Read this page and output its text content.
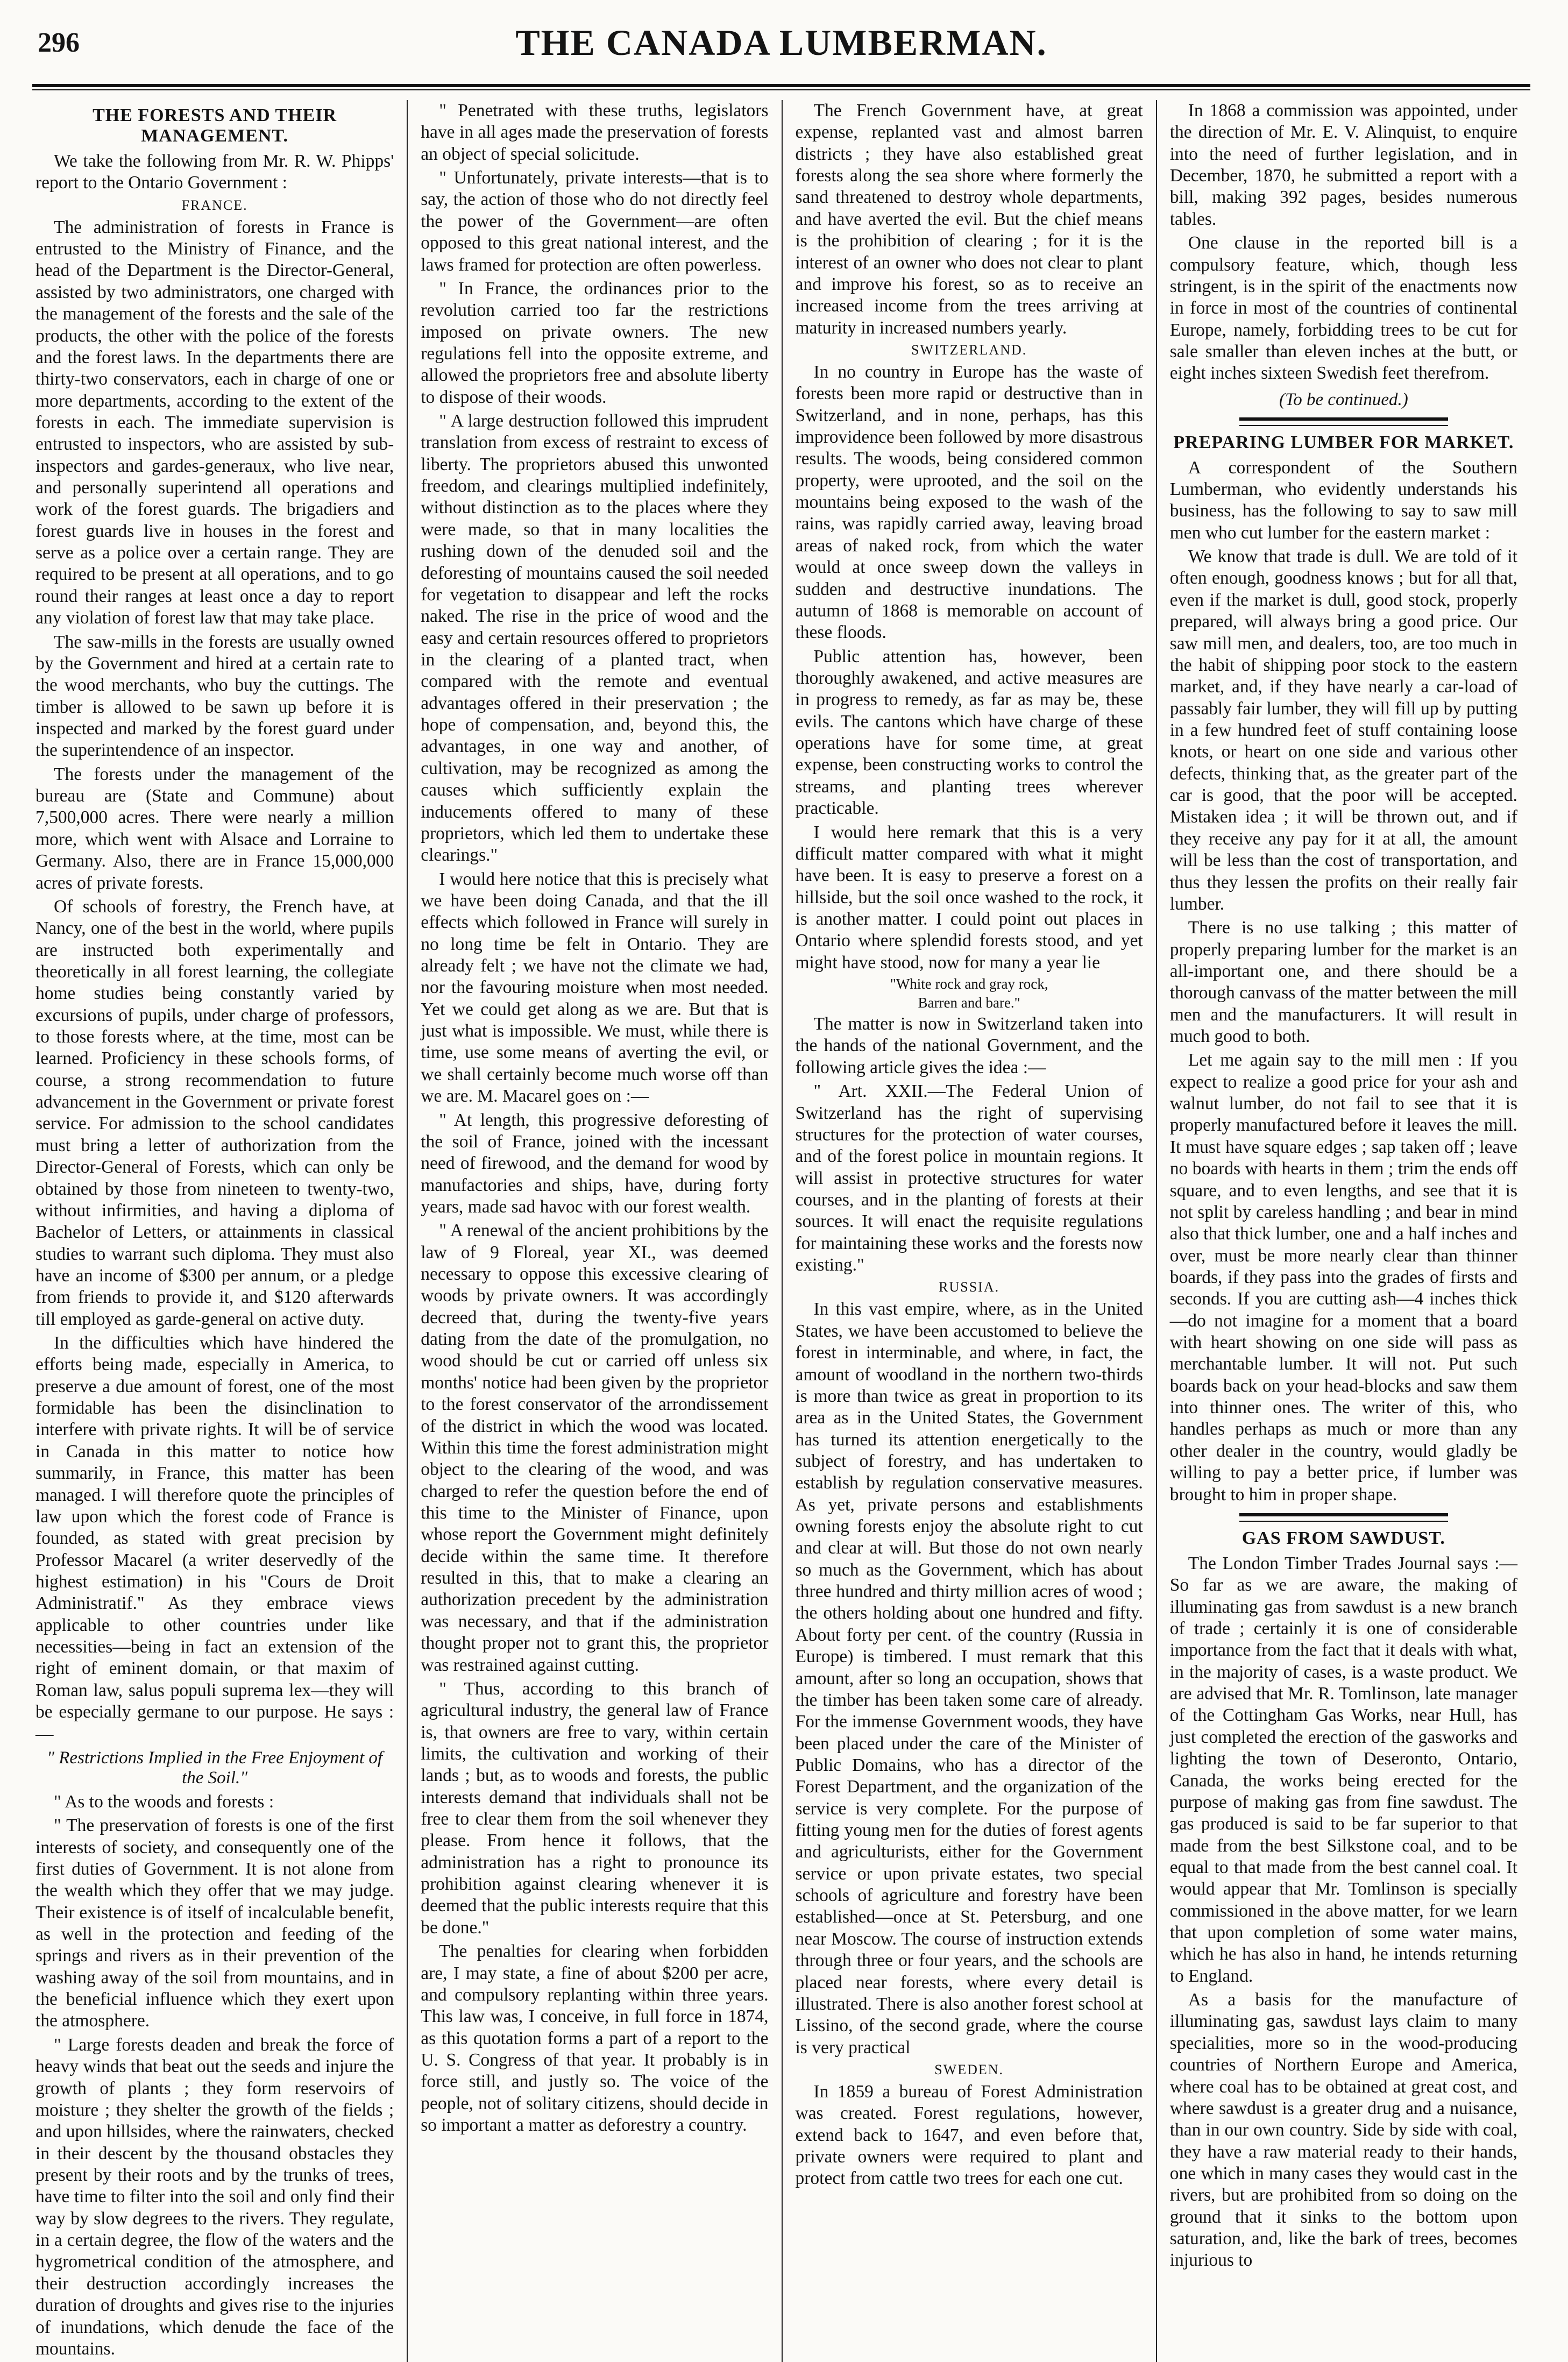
296	THE CANADA LUMBERMAN.
THE FORESTS AND THEIR MANAGEMENT.

We take the following from Mr. R. W. Phipps' report to the Ontario Government :

FRANCE.

The administration of forests in France is entrusted to the Ministry of Finance, and the head of the Department is the Director-General, assisted by two administrators, one charged with the management of the forests and the sale of the products, the other with the police of the forests and the forest laws. In the departments there are thirty-two conservators, each in charge of one or more departments, according to the extent of the forests in each. The immediate supervision is entrusted to inspectors, who are assisted by sub-inspectors and gardes-generaux, who live near, and personally superintend all operations and work of the forest guards. The brigadiers and forest guards live in houses in the forest and serve as a police over a certain range. They are required to be present at all operations, and to go round their ranges at least once a day to report any violation of forest law that may take place.

The saw-mills in the forests are usually owned by the Government and hired at a certain rate to the wood merchants, who buy the cuttings. The timber is allowed to be sawn up before it is inspected and marked by the forest guard under the superintendence of an inspector.

The forests under the management of the bureau are (State and Commune) about 7,500,000 acres. There were nearly a million more, which went with Alsace and Lorraine to Germany. Also, there are in France 15,000,000 acres of private forests.

Of schools of forestry, the French have, at Nancy, one of the best in the world, where pupils are instructed both experimentally and theoretically in all forest learning, the collegiate home studies being constantly varied by excursions of pupils, under charge of professors, to those forests where, at the time, most can be learned. Proficiency in these schools forms, of course, a strong recommendation to future advancement in the Government or private forest service. For admission to the school candidates must bring a letter of authorization from the Director-General of Forests, which can only be obtained by those from nineteen to twenty-two, without infirmities, and having a diploma of Bachelor of Letters, or attainments in classical studies to warrant such diploma. They must also have an income of $300 per annum, or a pledge from friends to provide it, and $120 afterwards till employed as garde-general on active duty.

In the difficulties which have hindered the efforts being made, especially in America, to preserve a due amount of forest, one of the most formidable has been the disinclination to interfere with private rights. It will be of service in Canada in this matter to notice how summarily, in France, this matter has been managed. I will therefore quote the principles of law upon which the forest code of France is founded, as stated with great precision by Professor Macarel (a writer deservedly of the highest estimation) in his "Cours de Droit Administratif." As they embrace views applicable to other countries under like necessities—being in fact an extension of the right of eminent domain, or that maxim of Roman law, salus populi suprema lex—they will be especially germane to our purpose. He says :—

" Restrictions Implied in the Free Enjoyment of the Soil."

" As to the woods and forests :

" The preservation of forests is one of the first interests of society, and consequently one of the first duties of Government. It is not alone from the wealth which they offer that we may judge. Their existence is of itself of incalculable benefit, as well in the protection and feeding of the springs and rivers as in their prevention of the washing away of the soil from mountains, and in the beneficial influence which they exert upon the atmosphere.

" Large forests deaden and break the force of heavy winds that beat out the seeds and injure the growth of plants ; they form reservoirs of moisture ; they shelter the growth of the fields ; and upon hillsides, where the rainwaters, checked in their descent by the thousand obstacles they present by their roots and by the trunks of trees, have time to filter into the soil and only find their way by slow degrees to the rivers. They regulate, in a certain degree, the flow of the waters and the hygrometrical condition of the atmosphere, and their destruction accordingly increases the duration of droughts and gives rise to the injuries of inundations, which denude the face of the mountains.

" Penetrated with these truths, legislators have in all ages made the preservation of forests an object of special solicitude.

" Unfortunately, private interests—that is to say, the action of those who do not directly feel the power of the Government—are often opposed to this great national interest, and the laws framed for protection are often powerless.

" In France, the ordinances prior to the revolution carried too far the restrictions imposed on private owners. The new regulations fell into the opposite extreme, and allowed the proprietors free and absolute liberty to dispose of their woods.

" A large destruction followed this imprudent translation from excess of restraint to excess of liberty. The proprietors abused this unwonted freedom, and clearings multiplied indefinitely, without distinction as to the places where they were made, so that in many localities the rushing down of the denuded soil and the deforesting of mountains caused the soil needed for vegetation to disappear and left the rocks naked. The rise in the price of wood and the easy and certain resources offered to proprietors in the clearing of a planted tract, when compared with the remote and eventual advantages offered in their preservation ; the hope of compensation, and, beyond this, the advantages, in one way and another, of cultivation, may be recognized as among the causes which sufficiently explain the inducements offered to many of these proprietors, which led them to undertake these clearings."

I would here notice that this is precisely what we have been doing Canada, and that the ill effects which followed in France will surely in no long time be felt in Ontario. They are already felt ; we have not the climate we had, nor the favouring moisture when most needed. Yet we could get along as we are. But that is just what is impossible. We must, while there is time, use some means of averting the evil, or we shall certainly become much worse off than we are. M. Macarel goes on :—

" At length, this progressive deforesting of the soil of France, joined with the incessant need of firewood, and the demand for wood by manufactories and ships, have, during forty years, made sad havoc with our forest wealth.

" A renewal of the ancient prohibitions by the law of 9 Floreal, year XI., was deemed necessary to oppose this excessive clearing of woods by private owners. It was accordingly decreed that, during the twenty-five years dating from the date of the promulgation, no wood should be cut or carried off unless six months' notice had been given by the proprietor to the forest conservator of the arrondissement of the district in which the wood was located. Within this time the forest administration might object to the clearing of the wood, and was charged to refer the question before the end of this time to the Minister of Finance, upon whose report the Government might definitely decide within the same time. It therefore resulted in this, that to make a clearing an authorization precedent by the administration was necessary, and that if the administration thought proper not to grant this, the proprietor was restrained against cutting.

" Thus, according to this branch of agricultural industry, the general law of France is, that owners are free to vary, within certain limits, the cultivation and working of their lands ; but, as to woods and forests, the public interests demand that individuals shall not be free to clear them from the soil whenever they please. From hence it follows, that the administration has a right to pronounce its prohibition against clearing whenever it is deemed that the public interests require that this be done."

The penalties for clearing when forbidden are, I may state, a fine of about $200 per acre, and compulsory replanting within three years. This law was, I conceive, in full force in 1874, as this quotation forms a part of a report to the U. S. Congress of that year. It probably is in force still, and justly so. The voice of the people, not of solitary citizens, should decide in so important a matter as deforestry a country.

The French Government have, at great expense, replanted vast and almost barren districts ; they have also established great forests along the sea shore where formerly the sand threatened to destroy whole departments, and have averted the evil. But the chief means is the prohibition of clearing ; for it is the interest of an owner who does not clear to plant and improve his forest, so as to receive an increased income from the trees arriving at maturity in increased numbers yearly.

SWITZERLAND.

In no country in Europe has the waste of forests been more rapid or destructive than in Switzerland, and in none, perhaps, has this improvidence been followed by more disastrous results. The woods, being considered common property, were uprooted, and the soil on the mountains being exposed to the wash of the rains, was rapidly carried away, leaving broad areas of naked rock, from which the water would at once sweep down the valleys in sudden and destructive inundations. The autumn of 1868 is memorable on account of these floods.

Public attention has, however, been thoroughly awakened, and active measures are in progress to remedy, as far as may be, these evils. The cantons which have charge of these operations have for some time, at great expense, been constructing works to control the streams, and planting trees wherever practicable.

I would here remark that this is a very difficult matter compared with what it might have been. It is easy to preserve a forest on a hillside, but the soil once washed to the rock, it is another matter. I could point out places in Ontario where splendid forests stood, and yet might have stood, now for many a year lie

"White rock and gray rock,
Barren and bare."

The matter is now in Switzerland taken into the hands of the national Government, and the following article gives the idea :—

" Art. XXII.—The Federal Union of Switzerland has the right of supervising structures for the protection of water courses, and of the forest police in mountain regions. It will assist in protective structures for water courses, and in the planting of forests at their sources. It will enact the requisite regulations for maintaining these works and the forests now existing."

RUSSIA.

In this vast empire, where, as in the United States, we have been accustomed to believe the forest in interminable, and where, in fact, the amount of woodland in the northern two-thirds is more than twice as great in proportion to its area as in the United States, the Government has turned its attention energetically to the subject of forestry, and has undertaken to establish by regulation conservative measures. As yet, private persons and establishments owning forests enjoy the absolute right to cut and clear at will. But those do not own nearly so much as the Government, which has about three hundred and thirty million acres of wood ; the others holding about one hundred and fifty. About forty per cent. of the country (Russia in Europe) is timbered. I must remark that this amount, after so long an occupation, shows that the timber has been taken some care of already. For the immense Government woods, they have been placed under the care of the Minister of Public Domains, who has a director of the Forest Department, and the organization of the service is very complete. For the purpose of fitting young men for the duties of forest agents and agriculturists, either for the Government service or upon private estates, two special schools of agriculture and forestry have been established—once at St. Petersburg, and one near Moscow. The course of instruction extends through three or four years, and the schools are placed near forests, where every detail is illustrated. There is also another forest school at Lissino, of the second grade, where the course is very practical

SWEDEN.

In 1859 a bureau of Forest Administration was created. Forest regulations, however, extend back to 1647, and even before that, private owners were required to plant and protect from cattle two trees for each one cut.

In 1868 a commission was appointed, under the direction of Mr. E. V. Alinquist, to enquire into the need of further legislation, and in December, 1870, he submitted a report with a bill, making 392 pages, besides numerous tables.

One clause in the reported bill is a compulsory feature, which, though less stringent, is in the spirit of the enactments now in force in most of the countries of continental Europe, namely, forbidding trees to be cut for sale smaller than eleven inches at the butt, or eight inches sixteen Swedish feet therefrom.

(To be continued.)
PREPARING LUMBER FOR MARKET.

A correspondent of the Southern Lumberman, who evidently understands his business, has the following to say to saw mill men who cut lumber for the eastern market :

We know that trade is dull. We are told of it often enough, goodness knows ; but for all that, even if the market is dull, good stock, properly prepared, will always bring a good price. Our saw mill men, and dealers, too, are too much in the habit of shipping poor stock to the eastern market, and, if they have nearly a car-load of passably fair lumber, they will fill up by putting in a few hundred feet of stuff containing loose knots, or heart on one side and various other defects, thinking that, as the greater part of the car is good, that the poor will be accepted. Mistaken idea ; it will be thrown out, and if they receive any pay for it at all, the amount will be less than the cost of transportation, and thus they lessen the profits on their really fair lumber.

There is no use talking ; this matter of properly preparing lumber for the market is an all-important one, and there should be a thorough canvass of the matter between the mill men and the manufacturers. It will result in much good to both.

Let me again say to the mill men : If you expect to realize a good price for your ash and walnut lumber, do not fail to see that it is properly manufactured before it leaves the mill. It must have square edges ; sap taken off ; leave no boards with hearts in them ; trim the ends off square, and to even lengths, and see that it is not split by careless handling ; and bear in mind also that thick lumber, one and a half inches and over, must be more nearly clear than thinner boards, if they pass into the grades of firsts and seconds. If you are cutting ash—4 inches thick—do not imagine for a moment that a board with heart showing on one side will pass as merchantable lumber. It will not. Put such boards back on your head-blocks and saw them into thinner ones. The writer of this, who handles perhaps as much or more than any other dealer in the country, would gladly be willing to pay a better price, if lumber was brought to him in proper shape.

GAS FROM SAWDUST.

The London Timber Trades Journal says :— So far as we are aware, the making of illuminating gas from sawdust is a new branch of trade ; certainly it is one of considerable importance from the fact that it deals with what, in the majority of cases, is a waste product. We are advised that Mr. R. Tomlinson, late manager of the Cottingham Gas Works, near Hull, has just completed the erection of the gasworks and lighting the town of Deseronto, Ontario, Canada, the works being erected for the purpose of making gas from fine sawdust. The gas produced is said to be far superior to that made from the best Silkstone coal, and to be equal to that made from the best cannel coal. It would appear that Mr. Tomlinson is specially commissioned in the above matter, for we learn that upon completion of some water mains, which he has also in hand, he intends returning to England.

As a basis for the manufacture of illuminating gas, sawdust lays claim to many specialities, more so in the wood-producing countries of Northern Europe and America, where coal has to be obtained at great cost, and where sawdust is a greater drug and a nuisance, than in our own country. Side by side with coal, they have a raw material ready to their hands, one which in many cases they would cast in the rivers, but are prohibited from so doing on the ground that it sinks to the bottom upon saturation, and, like the bark of trees, becomes injurious to
